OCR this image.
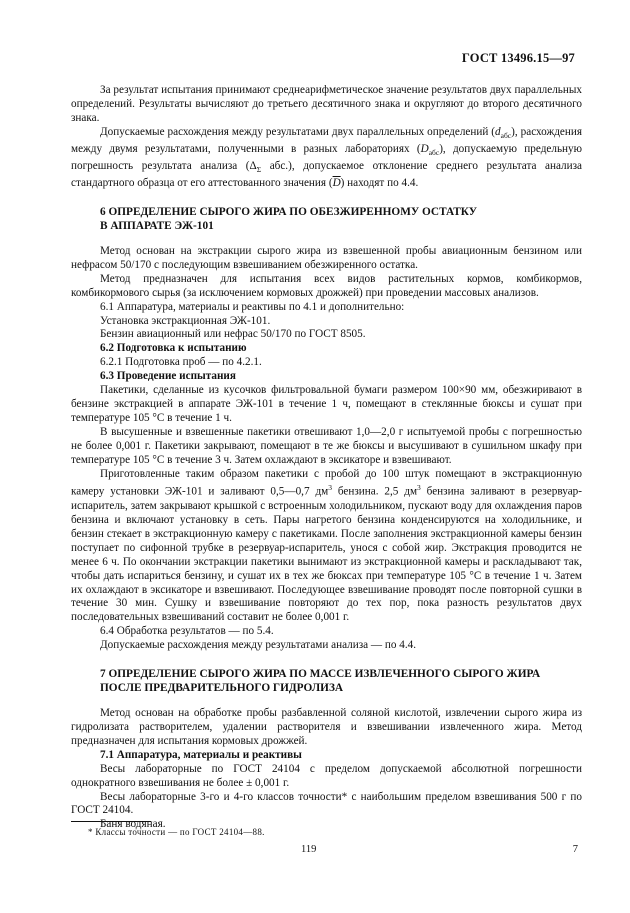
ГОСТ 13496.15—97

За результат испытания принимают среднеарифметическое значение результатов двух параллельных определений. Результаты вычисляют до третьего десятичного знака и округляют до второго десятичного знака.

Допускаемые расхождения между результатами двух параллельных определений $(d_{абс})$, расхождения между двумя результатами, полученными в разных лабораториях $(D_{абс})$, допускаемую предельную погрешность результата анализа ($\Delta_\Sigma$ абс.), допускаемое отклонение среднего результата анализа стандартного образца от его аттестованного значения $(\overline{D})$ находят по 4.4.

6 ОПРЕДЕЛЕНИЕ СЫРОГО ЖИРА ПО ОБЕЗЖИРЕННОМУ ОСТАТКУ
В АППАРАТЕ ЭЖ-101

Метод основан на экстракции сырого жира из взвешенной пробы авиационным бензином или нефрасом 50/170 с последующим взвешиванием обезжиренного остатка.

Метод предназначен для испытания всех видов растительных кормов, комбикормов, комбикормового сырья (за исключением кормовых дрожжей) при проведении массовых анализов.

6.1 Аппаратура, материалы и реактивы по 4.1 и дополнительно:

Установка экстракционная ЭЖ-101.

Бензин авиационный или нефрас 50/170 по ГОСТ 8505.

6.2 Подготовка к испытанию

6.2.1 Подготовка проб — по 4.2.1.

6.3 Проведение испытания

Пакетики, сделанные из кусочков фильтровальной бумаги размером 100×90 мм, обезжиривают в бензине экстракцией в аппарате ЭЖ-101 в течение 1 ч, помещают в стеклянные бюксы и сушат при температуре 105 °С в течение 1 ч.

В высушенные и взвешенные пакетики отвешивают 1,0—2,0 г испытуемой пробы с погрешностью не более 0,001 г. Пакетики закрывают, помещают в те же бюксы и высушивают в сушильном шкафу при температуре 105 °С в течение 3 ч. Затем охлаждают в эксикаторе и взвешивают.

Приготовленные таким образом пакетики с пробой до 100 штук помещают в экстракционную камеру установки ЭЖ-101 и заливают 0,5—0,7 $дм^3$ бензина. 2,5 $дм^3$ бензина заливают в резервуар-испаритель, затем закрывают крышкой с встроенным холодильником, пускают воду для охлаждения паров бензина и включают установку в сеть. Пары нагретого бензина конденсируются на холодильнике, и бензин стекает в экстракционную камеру с пакетиками. После заполнения экстракционной камеры бензин поступает по сифонной трубке в резервуар-испаритель, унося с собой жир. Экстракция проводится не менее 6 ч. По окончании экстракции пакетики вынимают из экстракционной камеры и раскладывают так, чтобы дать испариться бензину, и сушат их в тех же бюксах при температуре 105 °С в течение 1 ч. Затем их охлаждают в эксикаторе и взвешивают. Последующее взвешивание проводят после повторной сушки в течение 30 мин. Сушку и взвешивание повторяют до тех пор, пока разность результатов двух последовательных взвешиваний составит не более 0,001 г.

6.4 Обработка результатов — по 5.4.

Допускаемые расхождения между результатами анализа — по 4.4.

7 ОПРЕДЕЛЕНИЕ СЫРОГО ЖИРА ПО МАССЕ ИЗВЛЕЧЕННОГО СЫРОГО ЖИРА
ПОСЛЕ ПРЕДВАРИТЕЛЬНОГО ГИДРОЛИЗА

Метод основан на обработке пробы разбавленной соляной кислотой, извлечении сырого жира из гидролизата растворителем, удалении растворителя и взвешивании извлеченного жира. Метод предназначен для испытания кормовых дрожжей.

7.1 Аппаратура, материалы и реактивы

Весы лабораторные по ГОСТ 24104 с пределом допускаемой абсолютной погрешности однократного взвешивания не более ± 0,001 г.

Весы лабораторные 3-го и 4-го классов точности* с наибольшим пределом взвешивания 500 г по ГОСТ 24104.

Баня водяная.

* Классы точности — по ГОСТ 24104—88.
119	7
